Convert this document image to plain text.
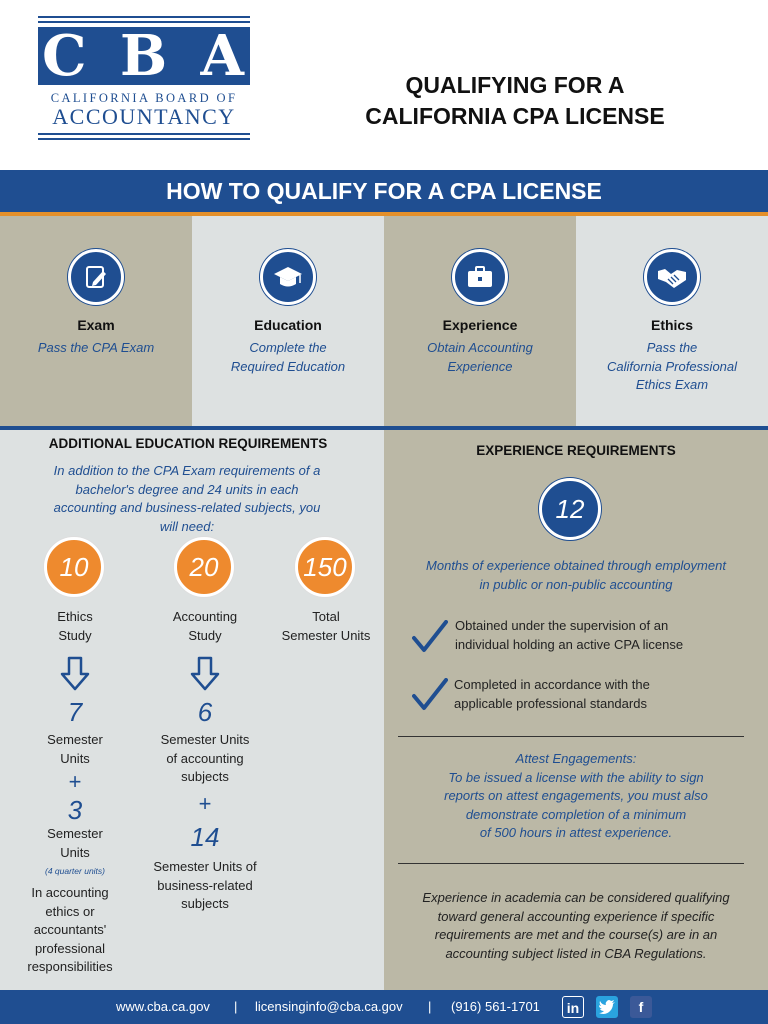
C B A
CALIFORNIA BOARD OF
ACCOUNTANCY
QUALIFYING FOR A
CALIFORNIA CPA LICENSE
HOW TO QUALIFY FOR A CPA LICENSE
Exam
Pass the CPA Exam
Education
Complete the
Required Education
Experience
Obtain Accounting
Experience
Ethics
Pass the
California Professional
Ethics Exam
ADDITIONAL EDUCATION REQUIREMENTS
In addition to the CPA Exam requirements of a
bachelor's degree and 24 units in each
accounting and business-related subjects, you
will need:
10
Ethics
Study
7
Semester
Units
+
3
Semester
Units
(4 quarter units)
In accounting
ethics or
accountants'
professional
responsibilities
20
Accounting
Study
6
Semester Units
of accounting
subjects
+
14
Semester Units of
business-related
subjects
150
Total
Semester Units
EXPERIENCE REQUIREMENTS
12
Months of experience obtained through employment
in public or non-public accounting
Obtained under the supervision of an
individual holding an active CPA license
Completed in accordance with the
applicable professional standards
Attest Engagements:
To be issued a license with the ability to sign
reports on attest engagements, you must also
demonstrate completion of a minimum
of 500 hours in attest experience.
Experience in academia can be considered qualifying
toward general accounting experience if specific
requirements are met and the course(s) are in an
accounting subject listed in CBA Regulations.
www.cba.ca.gov | licensinginfo@cba.ca.gov | (916) 561-1701	in	f
